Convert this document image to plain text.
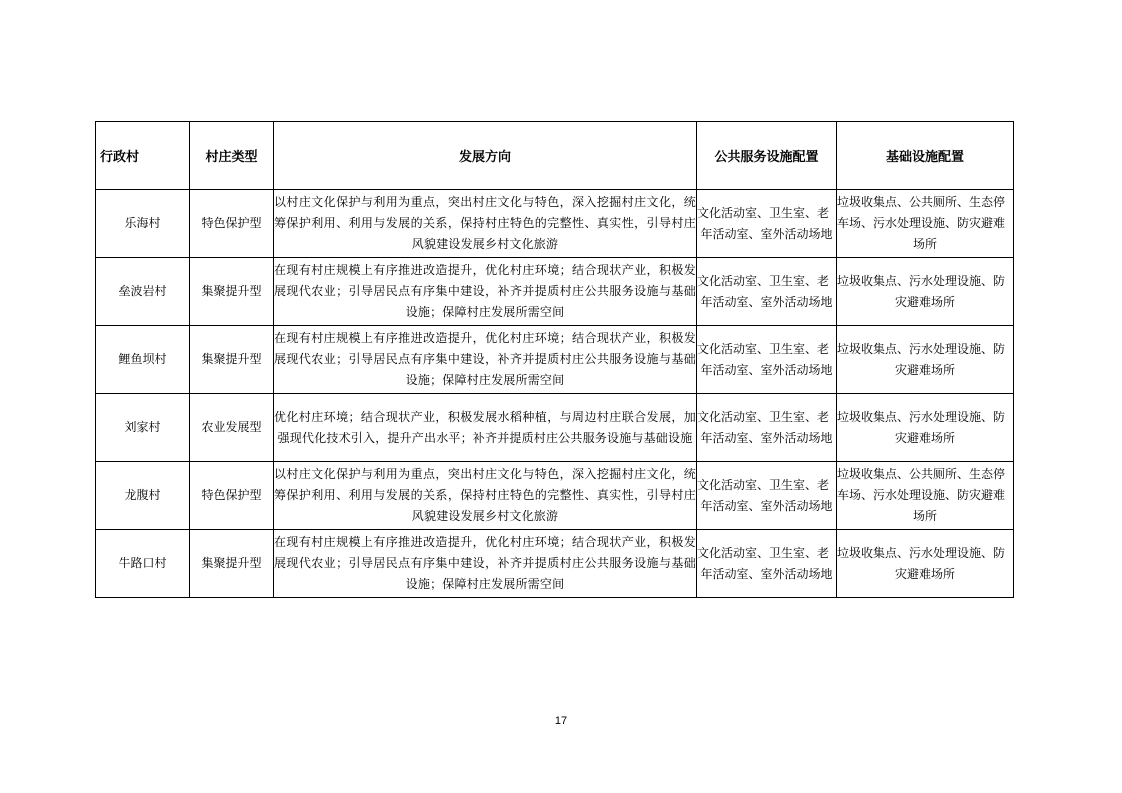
行政村	村庄类型	发展方向	公共服务设施配置	基础设施配置
乐海村	特色保护型	以村庄文化保护与利用为重点，突出村庄文化与特色，深入挖掘村庄文化，统筹保护利用、利用与发展的关系，保持村庄特色的完整性、真实性，引导村庄风貌建设发展乡村文化旅游	文化活动室、卫生室、老年活动室、室外活动场地	垃圾收集点、公共厕所、生态停车场、污水处理设施、防灾避难场所
垒波岩村	集聚提升型	在现有村庄规模上有序推进改造提升，优化村庄环境；结合现状产业，积极发展现代农业；引导居民点有序集中建设，补齐并提质村庄公共服务设施与基础设施；保障村庄发展所需空间	文化活动室、卫生室、老年活动室、室外活动场地	垃圾收集点、污水处理设施、防灾避难场所
鲤鱼坝村	集聚提升型	在现有村庄规模上有序推进改造提升，优化村庄环境；结合现状产业，积极发展现代农业；引导居民点有序集中建设，补齐并提质村庄公共服务设施与基础设施；保障村庄发展所需空间	文化活动室、卫生室、老年活动室、室外活动场地	垃圾收集点、污水处理设施、防灾避难场所
刘家村	农业发展型	优化村庄环境；结合现状产业，积极发展水稻种植，与周边村庄联合发展，加强现代化技术引入，提升产出水平；补齐并提质村庄公共服务设施与基础设施	文化活动室、卫生室、老年活动室、室外活动场地	垃圾收集点、污水处理设施、防灾避难场所
龙腹村	特色保护型	以村庄文化保护与利用为重点，突出村庄文化与特色，深入挖掘村庄文化，统筹保护利用、利用与发展的关系，保持村庄特色的完整性、真实性，引导村庄风貌建设发展乡村文化旅游	文化活动室、卫生室、老年活动室、室外活动场地	垃圾收集点、公共厕所、生态停车场、污水处理设施、防灾避难场所
牛路口村	集聚提升型	在现有村庄规模上有序推进改造提升，优化村庄环境；结合现状产业，积极发展现代农业；引导居民点有序集中建设，补齐并提质村庄公共服务设施与基础设施；保障村庄发展所需空间	文化活动室、卫生室、老年活动室、室外活动场地	垃圾收集点、污水处理设施、防灾避难场所
17
